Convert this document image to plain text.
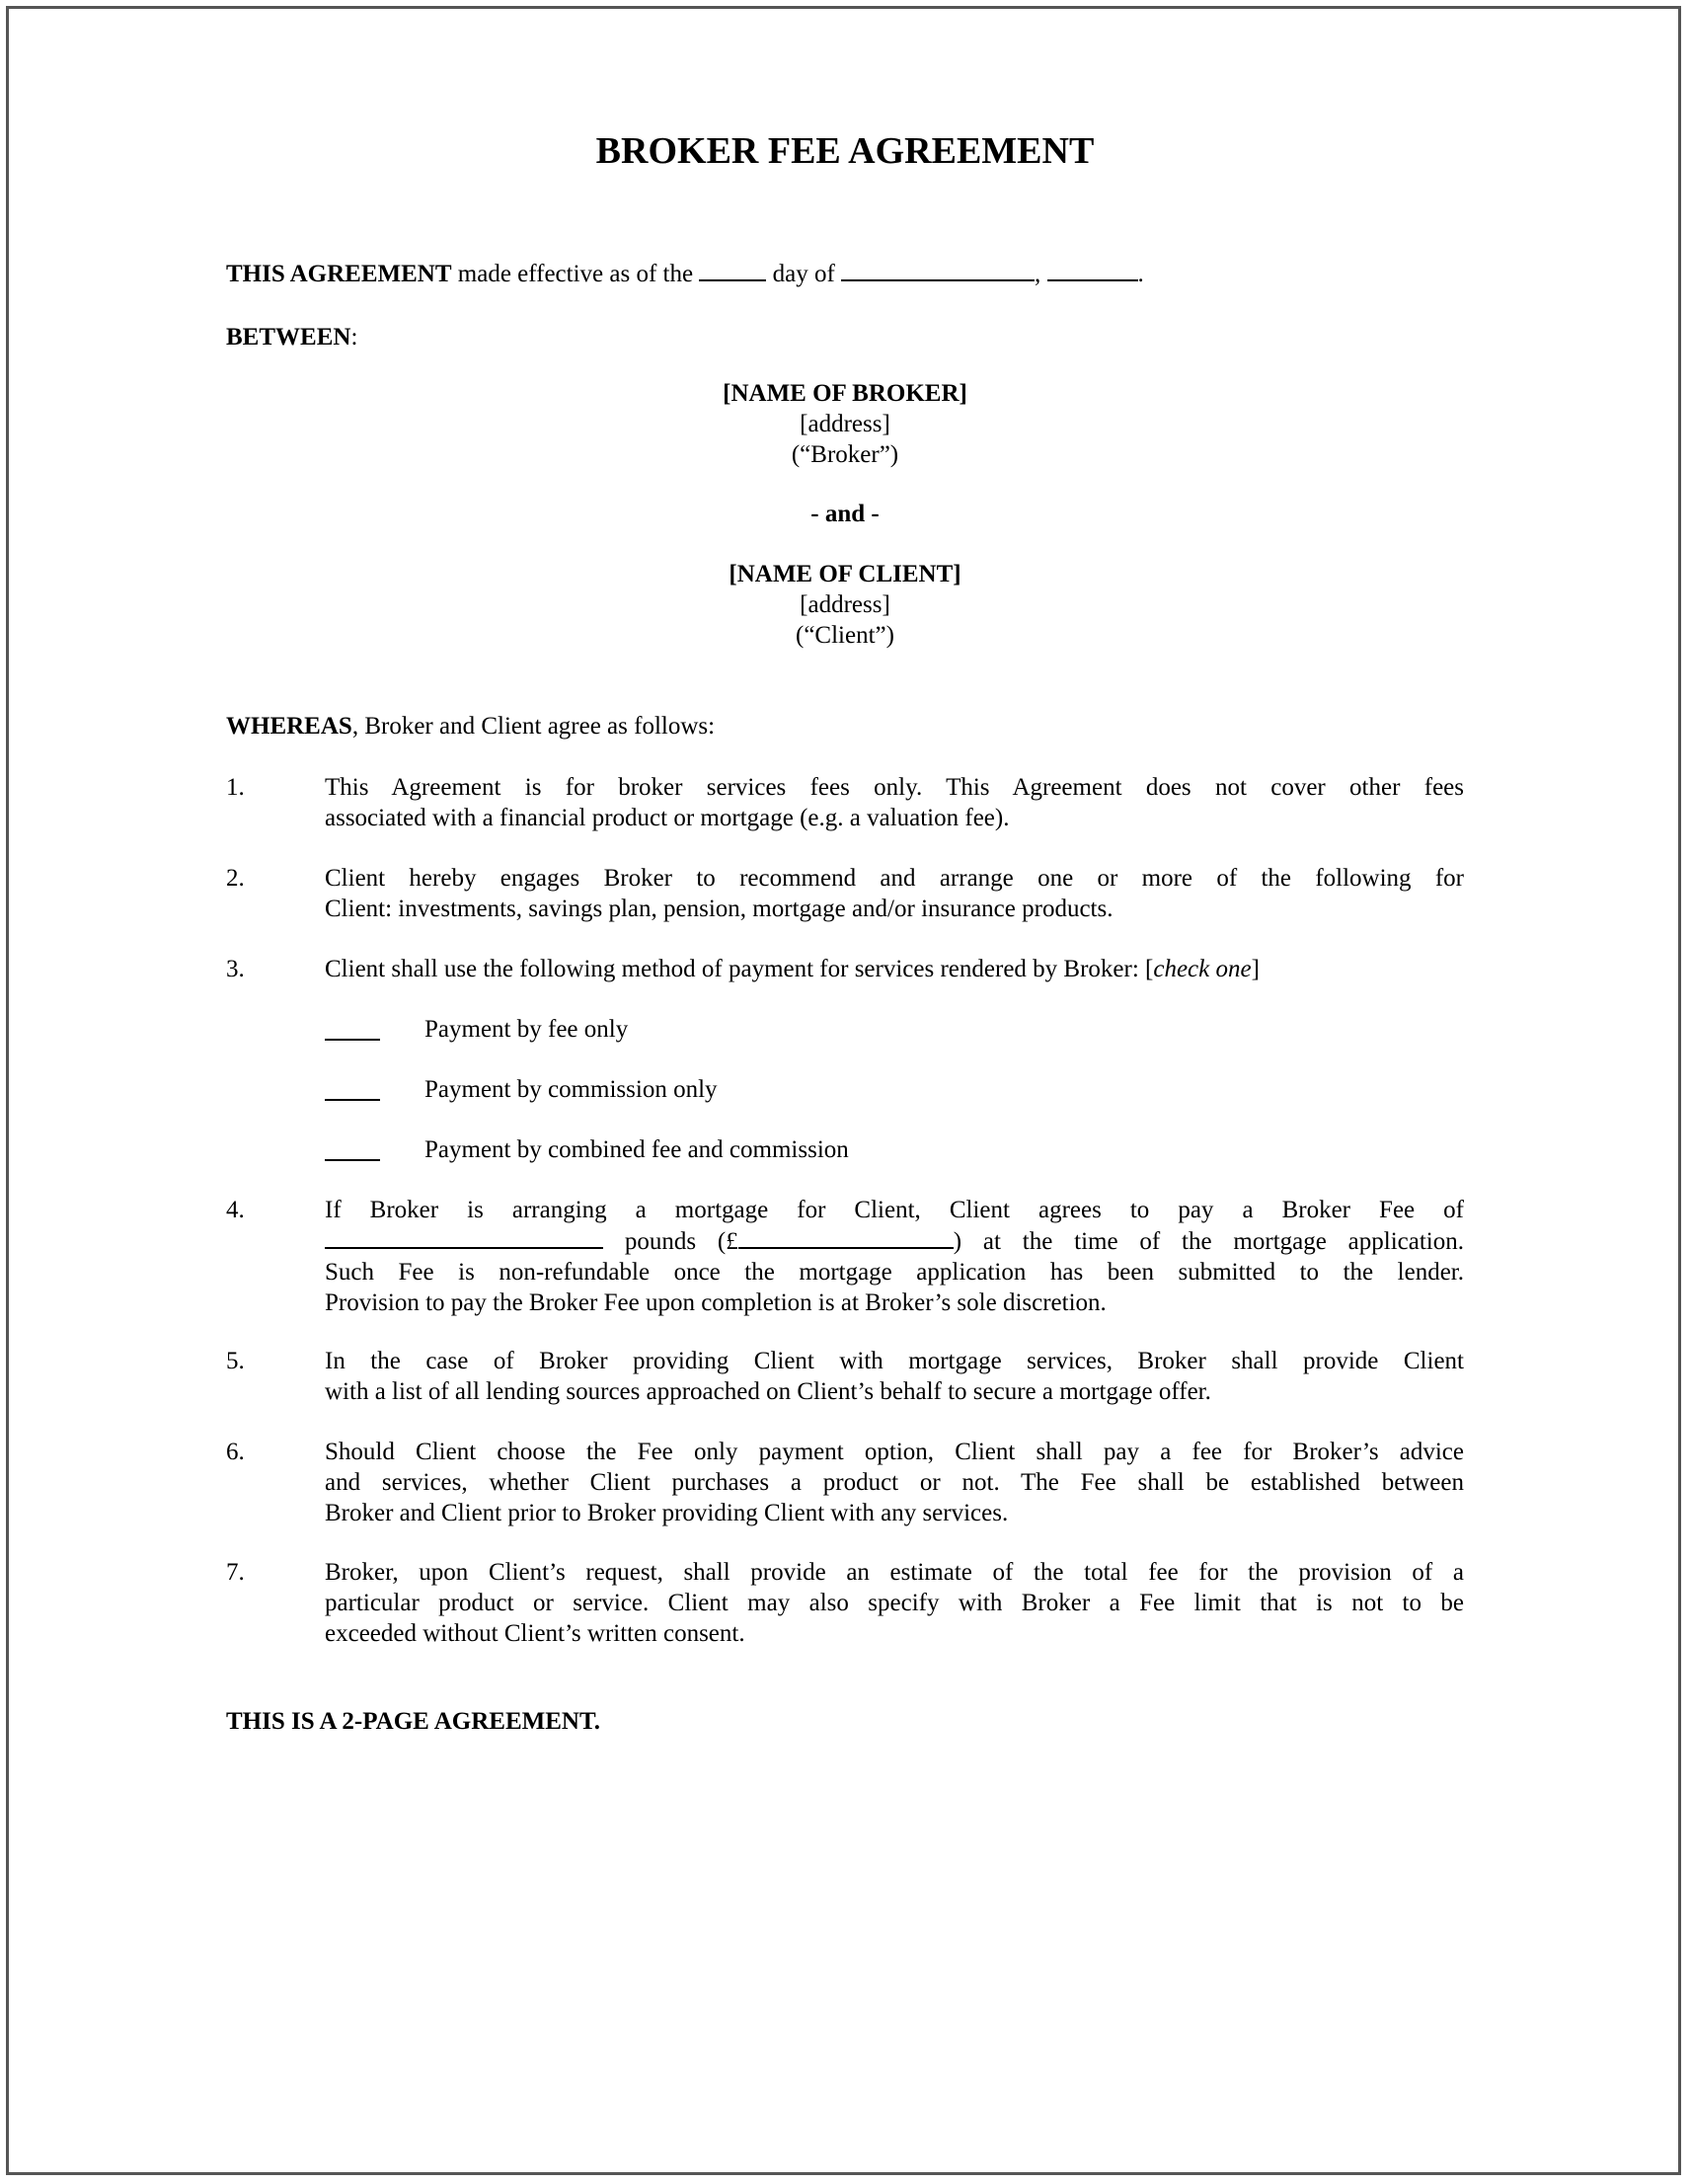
BROKER FEE AGREEMENT
THIS AGREEMENT made effective as of the	day of	,	.
BETWEEN:
[NAME OF BROKER]
[address]
(“Broker”)
- and -
[NAME OF CLIENT]
[address]
(“Client”)
WHEREAS, Broker and Client agree as follows:
1.	This Agreement is for broker services fees only. This Agreement does not cover other fees
associated with a financial product or mortgage (e.g. a valuation fee).
2.	Client hereby engages Broker to recommend and arrange one or more of the following for
Client: investments, savings plan, pension, mortgage and/or insurance products.
3.	Client shall use the following method of payment for services rendered by Broker: [check one]
Payment by fee only
Payment by commission only
Payment by combined fee and commission
4.	If Broker is arranging a mortgage for Client, Client agrees to pay a Broker Fee of
pounds (£	) at the time of the mortgage application.
Such Fee is non-refundable once the mortgage application has been submitted to the lender.
Provision to pay the Broker Fee upon completion is at Broker’s sole discretion.
5.	In the case of Broker providing Client with mortgage services, Broker shall provide Client
with a list of all lending sources approached on Client’s behalf to secure a mortgage offer.
6.	Should Client choose the Fee only payment option, Client shall pay a fee for Broker’s advice
and services, whether Client purchases a product or not. The Fee shall be established between
Broker and Client prior to Broker providing Client with any services.
7.	Broker, upon Client’s request, shall provide an estimate of the total fee for the provision of a
particular product or service. Client may also specify with Broker a Fee limit that is not to be
exceeded without Client’s written consent.
THIS IS A 2-PAGE AGREEMENT.
